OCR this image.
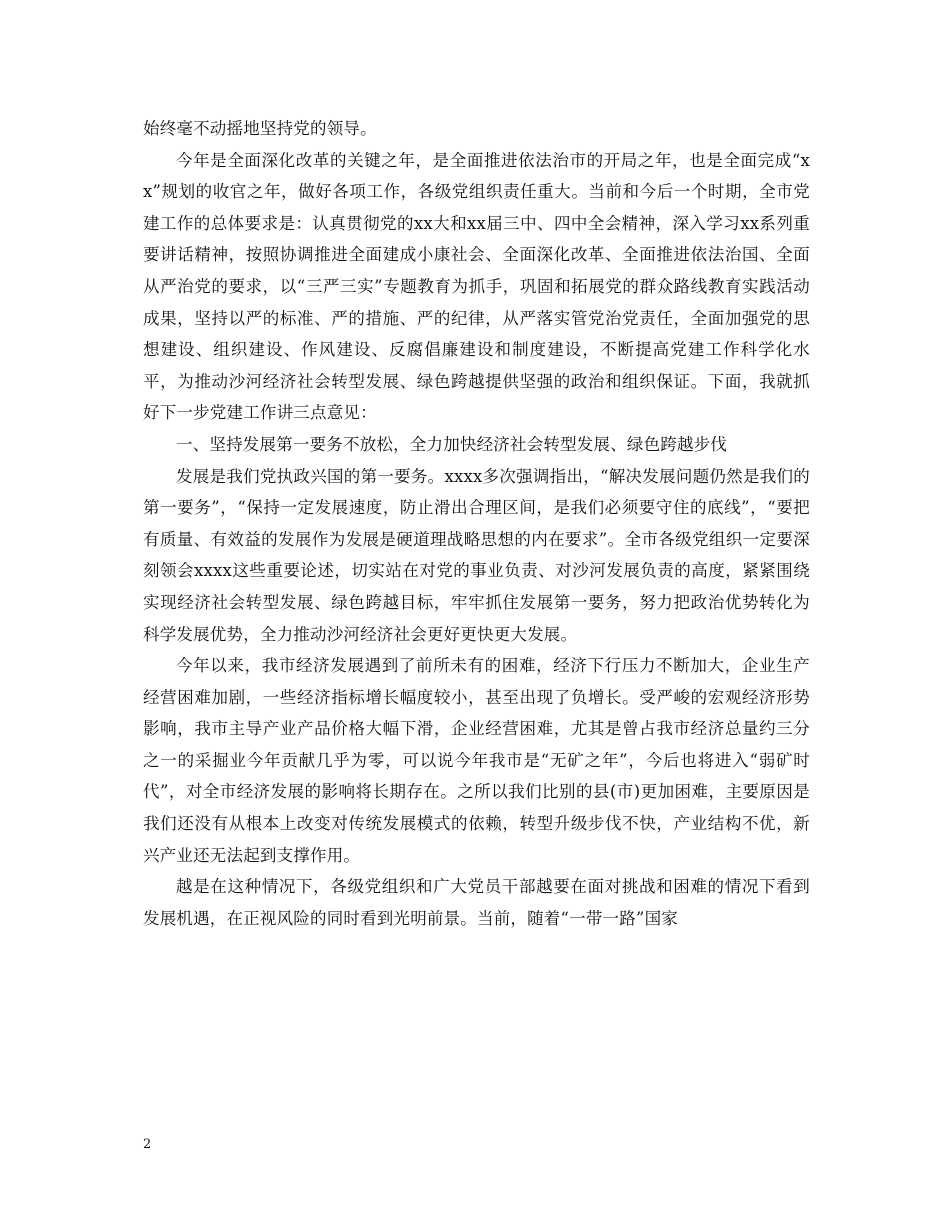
始终毫不动摇地坚持党的领导。

今年是全面深化改革的关键之年，是全面推进依法治市的开局之年，也是全面完成“xx”规划的收官之年，做好各项工作，各级党组织责任重大。当前和今后一个时期，全市党建工作的总体要求是：认真贯彻党的xx大和xx届三中、四中全会精神，深入学习xx系列重要讲话精神，按照协调推进全面建成小康社会、全面深化改革、全面推进依法治国、全面从严治党的要求，以“三严三实”专题教育为抓手，巩固和拓展党的群众路线教育实践活动成果，坚持以严的标准、严的措施、严的纪律，从严落实管党治党责任，全面加强党的思想建设、组织建设、作风建设、反腐倡廉建设和制度建设，不断提高党建工作科学化水平，为推动沙河经济社会转型发展、绿色跨越提供坚强的政治和组织保证。下面，我就抓好下一步党建工作讲三点意见：

一、坚持发展第一要务不放松，全力加快经济社会转型发展、绿色跨越步伐

发展是我们党执政兴国的第一要务。xxxx多次强调指出，“解决发展问题仍然是我们的第一要务”，“保持一定发展速度，防止滑出合理区间，是我们必须要守住的底线”，“要把有质量、有效益的发展作为发展是硬道理战略思想的内在要求”。全市各级党组织一定要深刻领会xxxx这些重要论述，切实站在对党的事业负责、对沙河发展负责的高度，紧紧围绕实现经济社会转型发展、绿色跨越目标，牢牢抓住发展第一要务，努力把政治优势转化为科学发展优势，全力推动沙河经济社会更好更快更大发展。

今年以来，我市经济发展遇到了前所未有的困难，经济下行压力不断加大，企业生产经营困难加剧，一些经济指标增长幅度较小，甚至出现了负增长。受严峻的宏观经济形势影响，我市主导产业产品价格大幅下滑，企业经营困难，尤其是曾占我市经济总量约三分之一的采掘业今年贡献几乎为零，可以说今年我市是“无矿之年”，今后也将进入“弱矿时代”，对全市经济发展的影响将长期存在。之所以我们比别的县(市)更加困难，主要原因是我们还没有从根本上改变对传统发展模式的依赖，转型升级步伐不快，产业结构不优，新兴产业还无法起到支撑作用。

越是在这种情况下，各级党组织和广大党员干部越要在面对挑战和困难的情况下看到发展机遇，在正视风险的同时看到光明前景。当前，随着“一带一路”国家

2
